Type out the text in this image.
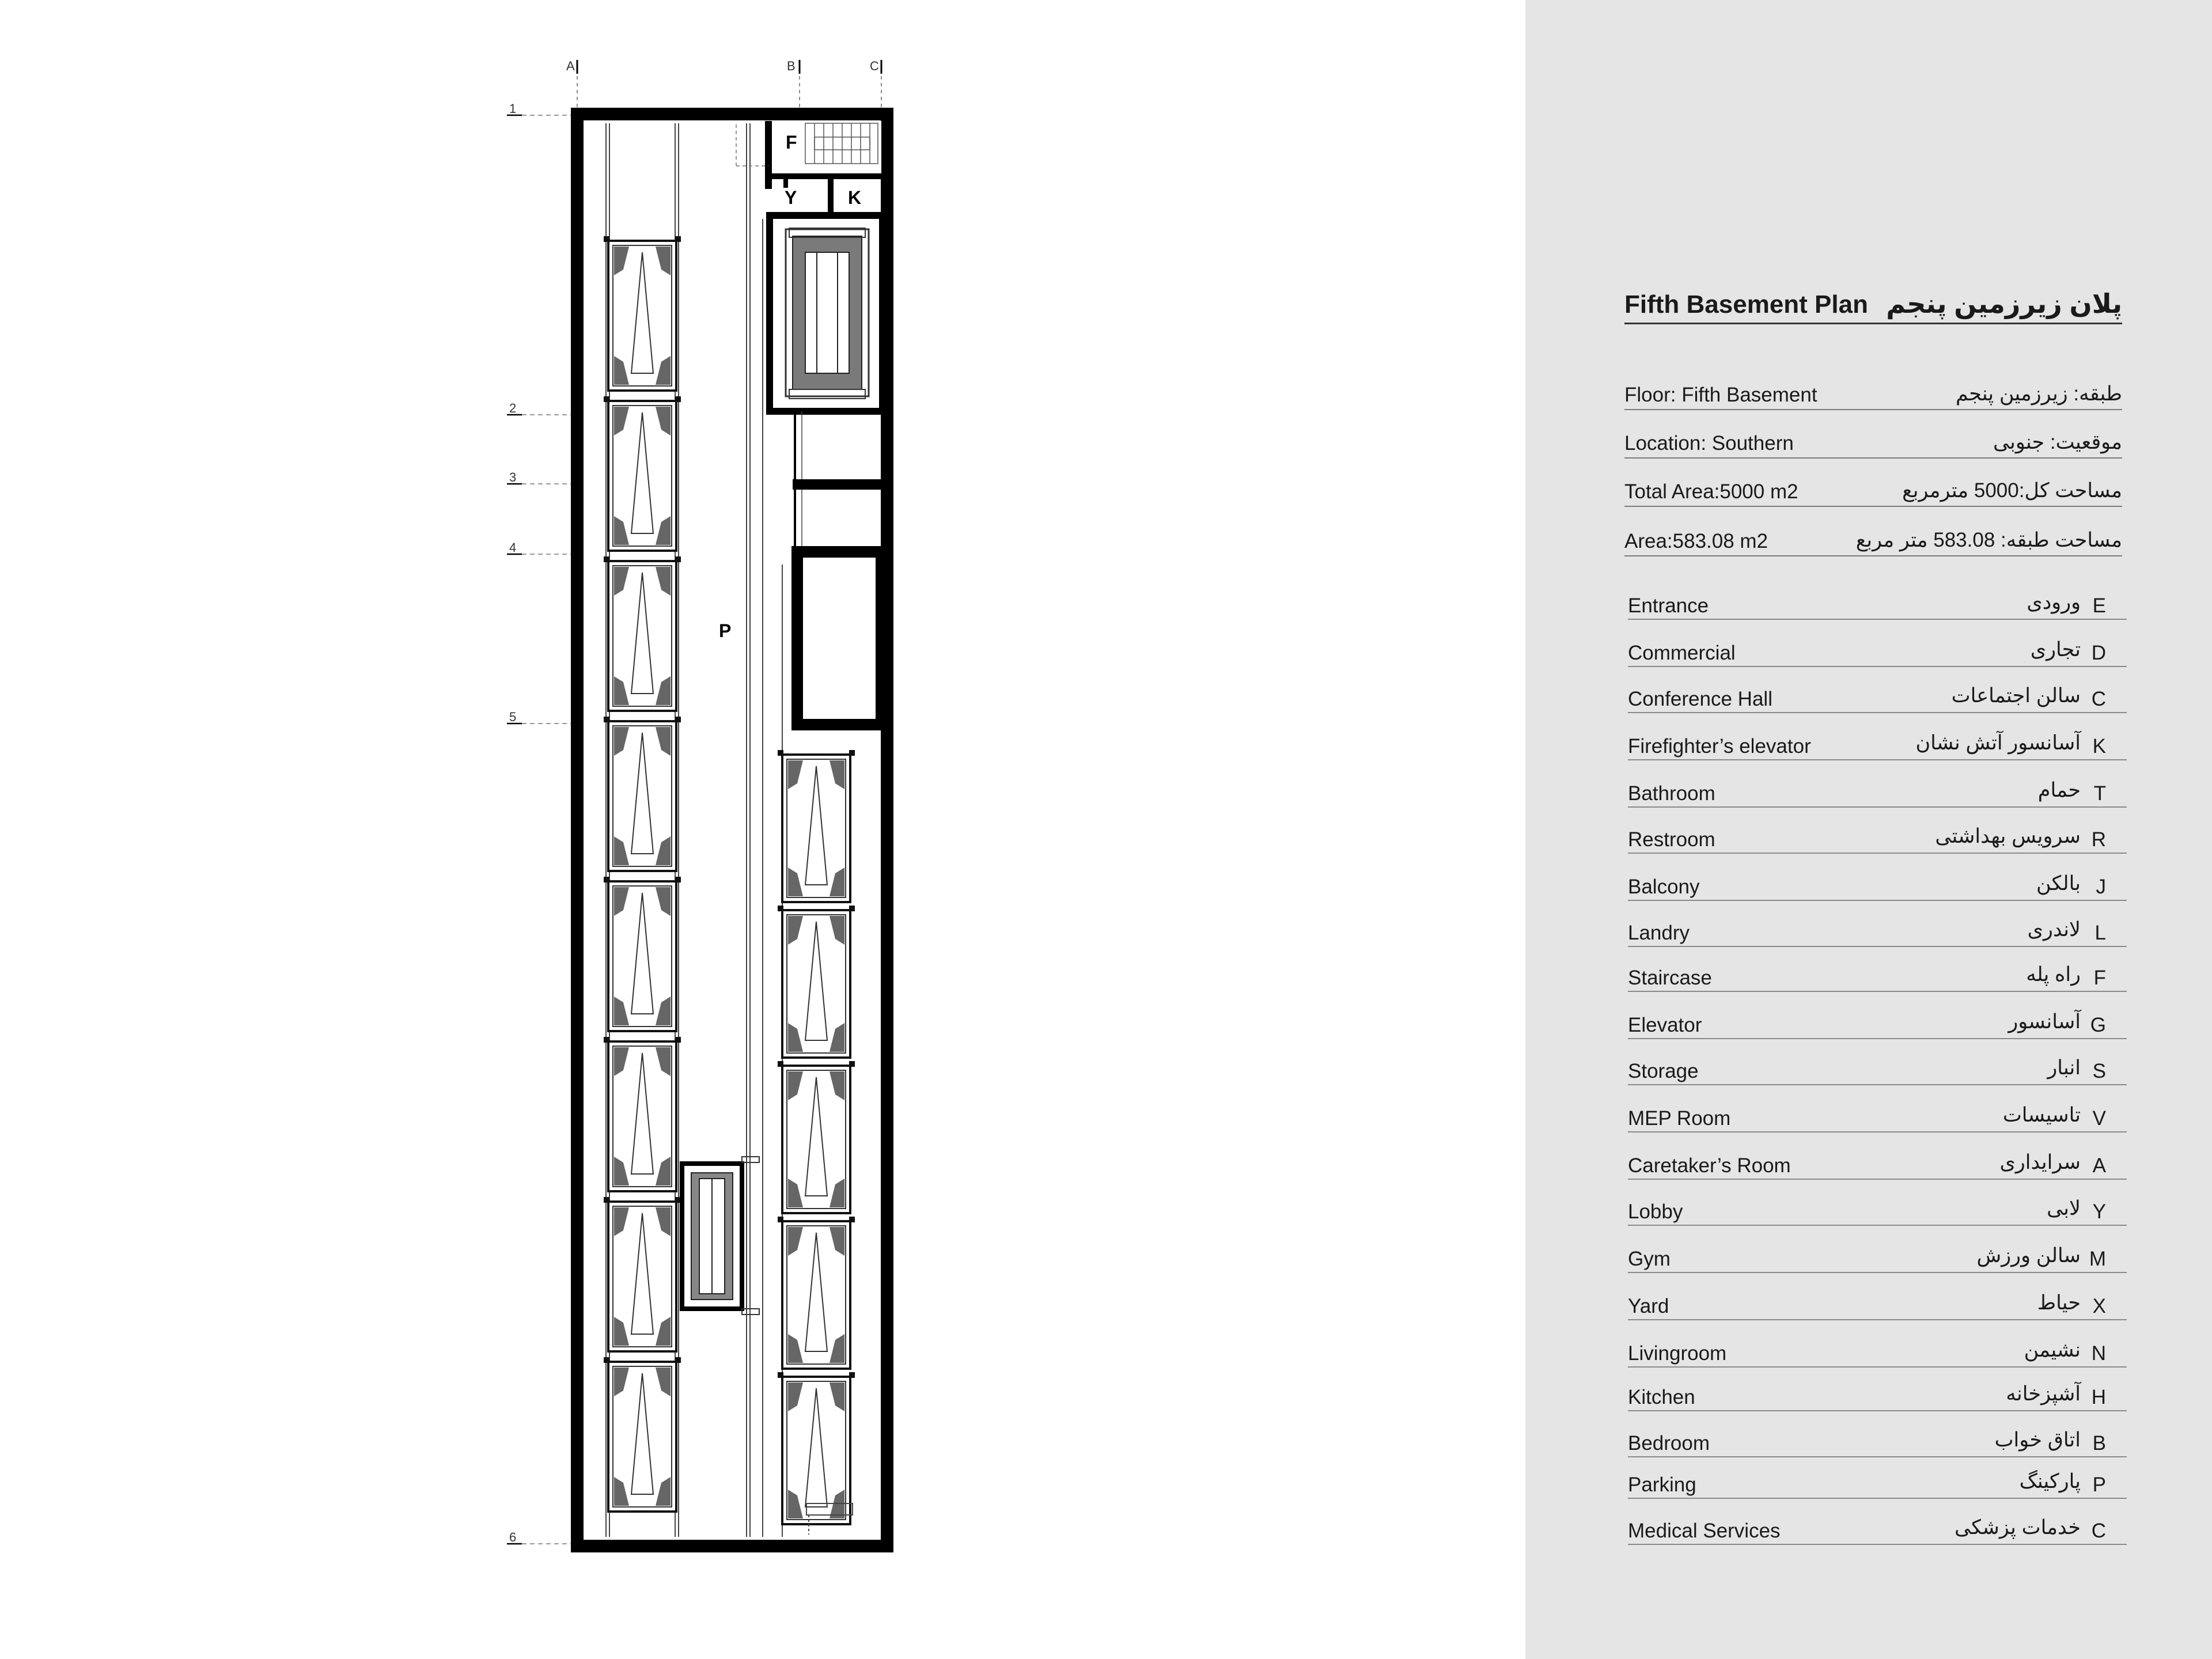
A	B	C
1
2
3
4
5
6
F
Y	K
P
Fifth Basement Plan پلان زیرزمین پنجم
Floor: Fifth Basement	طبقه: زیرزمین پنجم
Location: Southern	موقعیت: جنوبی
Total Area:5000 m2	مساحت کل:5000 مترمربع
Area:583.08 m2	مساحت طبقه: 583.08 متر مربع
Entrance	ورودی E
Commercial	تجاری D
Conference Hall	سالن اجتماعات C
Firefighter’s elevator	آسانسور آتش نشان K
Bathroom	حمام T
Restroom	سرویس بهداشتی R
Balcony	بالکن J
Landry	لاندری L
Staircase	راه پله F
Elevator	آسانسور G
Storage	انبار S
MEP Room	تاسیسات V
Caretaker’s Room	سرایداری A
Lobby	لابی Y
Gym	سالن ورزش M
Yard	حیاط X
Livingroom	نشیمن N
Kitchen	آشپزخانه H
Bedroom	اتاق خواب B
Parking	پارکینگ P
Medical Services	خدمات پزشکی C
